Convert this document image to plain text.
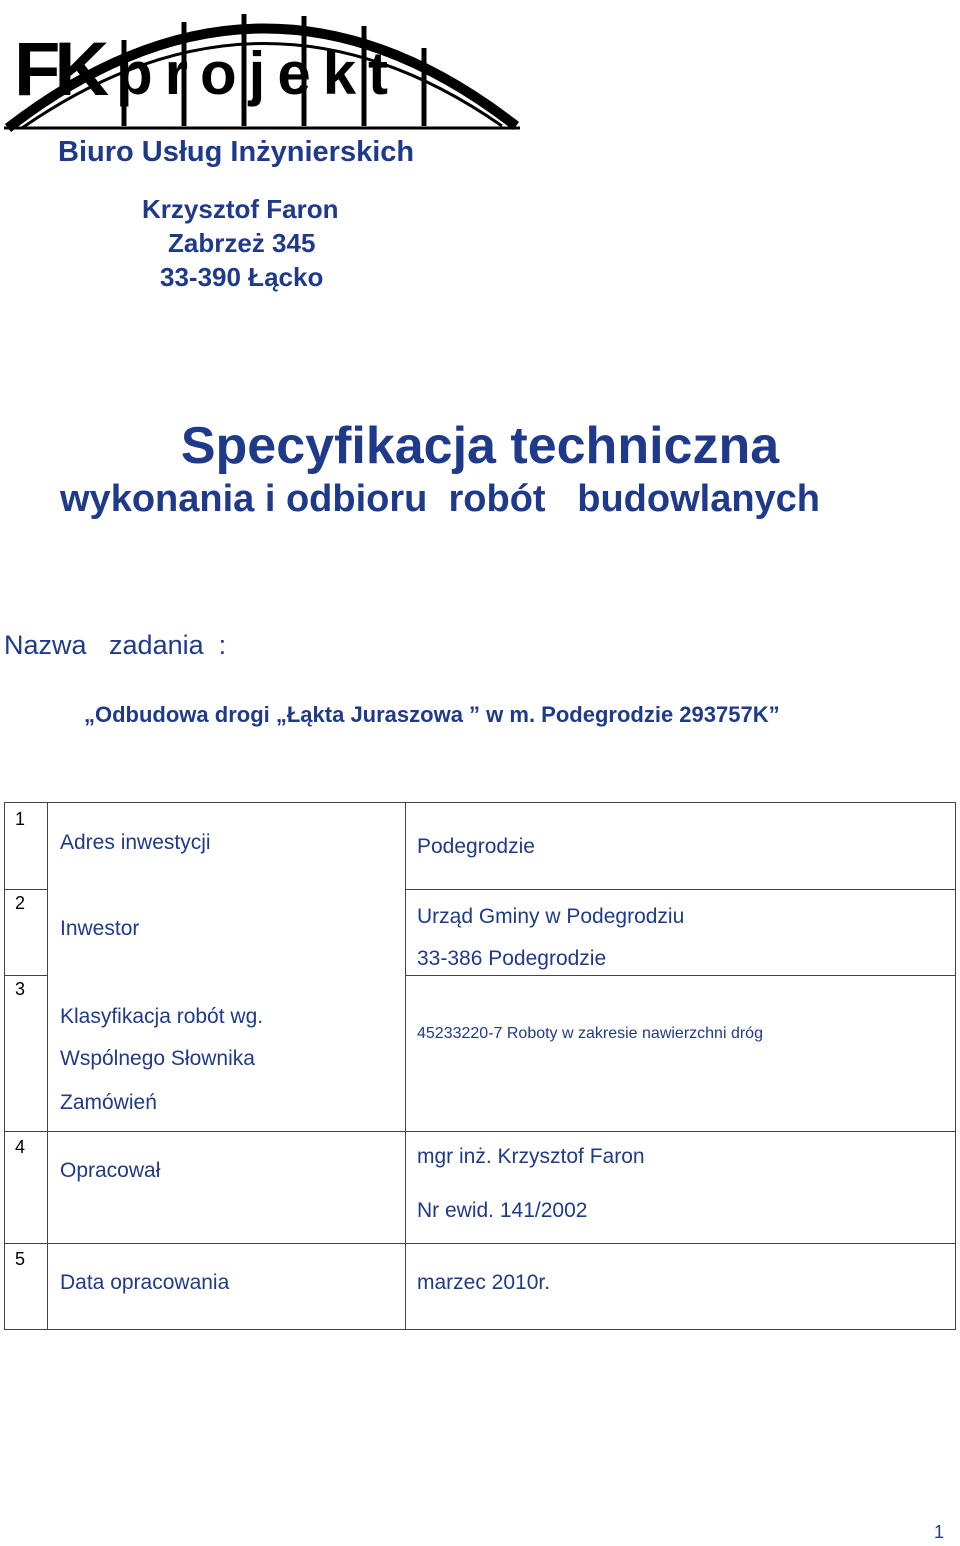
FK projekt
Biuro Usług Inżynierskich
Krzysztof Faron
Zabrzeż 345
33-390 Łącko
Specyfikacja techniczna
wykonania i odbioru  robót   budowlanych
Nazwa   zadania  :
„Odbudowa drogi „Łąkta Juraszowa ” w m. Podegrodzie 293757K”
1
Adres inwestycji	Podegrodzie
2
Inwestor
Urząd Gminy w Podegrodziu
33-386 Podegrodzie
3
Klasyfikacja robót wg.
Wspólnego Słownika
Zamówień
45233220-7 Roboty w zakresie nawierzchni dróg
4
Opracował
mgr inż. Krzysztof Faron
Nr ewid. 141/2002
5
Data opracowania	marzec 2010r.
1
